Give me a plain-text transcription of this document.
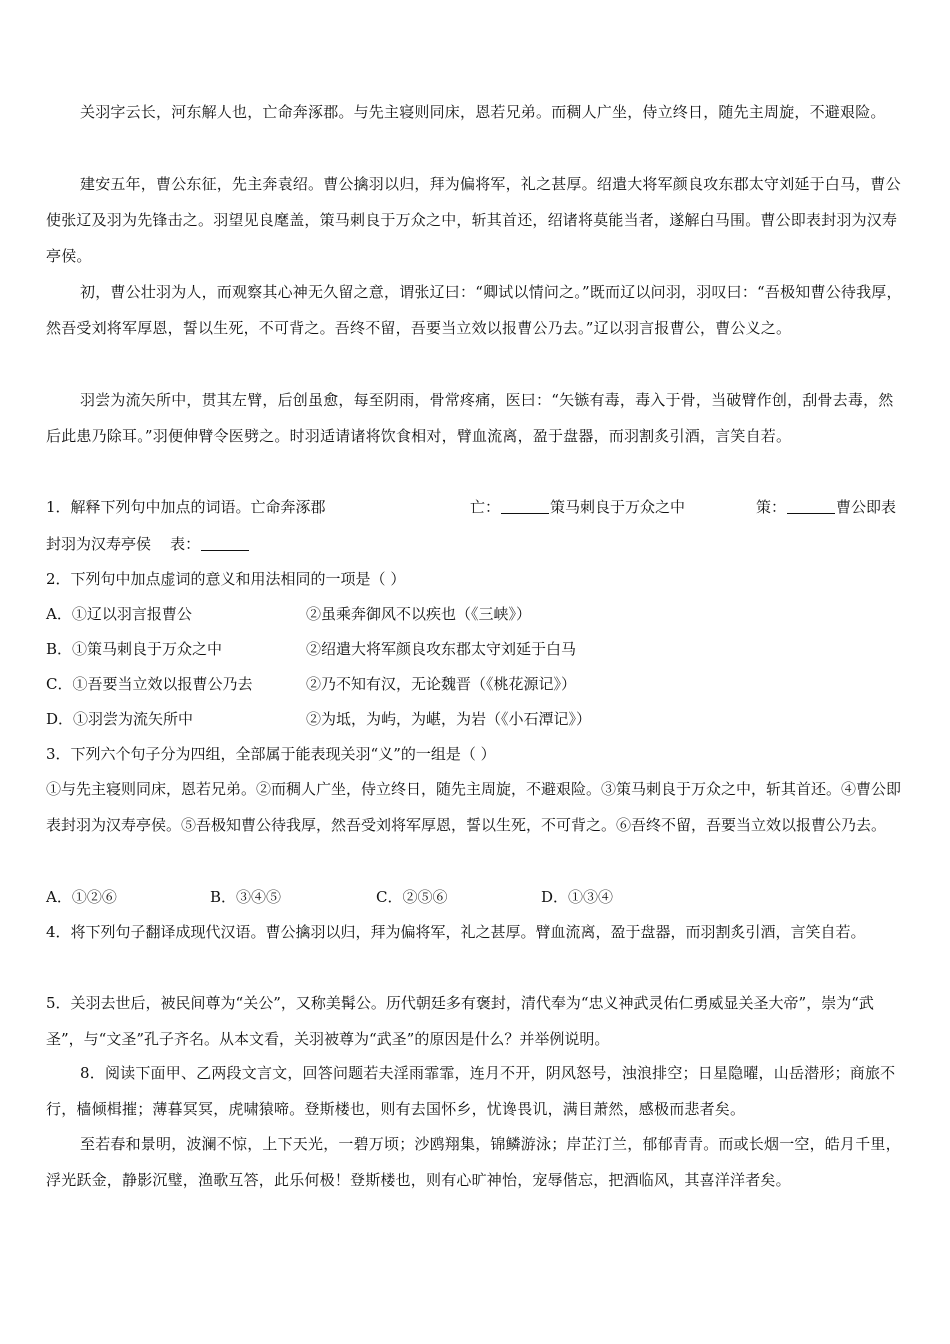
关羽字云长，河东解人也，亡命奔涿郡。与先主寝则同床，恩若兄弟。而稠人广坐，侍立终日，随先主周旋，不避艰险。

建安五年，曹公东征，先主奔袁绍。曹公擒羽以归，拜为偏将军，礼之甚厚。绍遣大将军颜良攻东郡太守刘延于白马，曹公使张辽及羽为先锋击之。羽望见良麾盖，策马刺良于万众之中，斩其首还，绍诸将莫能当者，遂解白马围。曹公即表封羽为汉寿亭侯。

初，曹公壮羽为人，而观察其心神无久留之意，谓张辽曰：“卿试以情问之。”既而辽以问羽，羽叹曰：“吾极知曹公待我厚，然吾受刘将军厚恩，誓以生死，不可背之。吾终不留，吾要当立效以报曹公乃去。”辽以羽言报曹公，曹公义之。

羽尝为流矢所中，贯其左臂，后创虽愈，每至阴雨，骨常疼痛，医曰：“矢镞有毒，毒入于骨，当破臂作创，刮骨去毒，然后此患乃除耳。”羽便伸臂令医劈之。时羽适请诸将饮食相对，臂血流离，盈于盘器，而羽割炙引酒，言笑自若。

1．解释下列句中加点的词语。亡命奔涿郡	亡：	策马刺良于万众之中	策：	曹公即表
封羽为汉寿亭侯 表：
2．下列句中加点虚词的意义和用法相同的一项是（ ）
A．①辽以羽言报曹公	②虽乘奔御风不以疾也（《三峡》）
B．①策马刺良于万众之中	②绍遣大将军颜良攻东郡太守刘延于白马
C．①吾要当立效以报曹公乃去	②乃不知有汉，无论魏晋（《桃花源记》）
D．①羽尝为流矢所中	②为坻，为屿，为嵁，为岩（《小石潭记》）
3．下列六个句子分为四组，全部属于能表现关羽“义”的一组是（ ）

①与先主寝则同床，恩若兄弟。②而稠人广坐，侍立终日，随先主周旋，不避艰险。③策马刺良于万众之中，斩其首还。④曹公即表封羽为汉寿亭侯。⑤吾极知曹公待我厚，然吾受刘将军厚恩，誓以生死，不可背之。⑥吾终不留，吾要当立效以报曹公乃去。

A．①②⑥	B．③④⑤	C．②⑤⑥	D．①③④

4．将下列句子翻译成现代汉语。曹公擒羽以归，拜为偏将军，礼之甚厚。臂血流离，盈于盘器，而羽割炙引酒，言笑自若。

5．关羽去世后，被民间尊为“关公”，又称美髯公。历代朝廷多有褒封，清代奉为“忠义神武灵佑仁勇威显关圣大帝”，崇为“武圣”，与“文圣”孔子齐名。从本文看，关羽被尊为“武圣”的原因是什么？并举例说明。

8．阅读下面甲、乙两段文言文，回答问题若夫淫雨霏霏，连月不开，阴风怒号，浊浪排空；日星隐曜，山岳潜形；商旅不行，樯倾楫摧；薄暮冥冥，虎啸猿啼。登斯楼也，则有去国怀乡，忧谗畏讥，满目萧然，感极而悲者矣。

至若春和景明，波澜不惊，上下天光，一碧万顷；沙鸥翔集，锦鳞游泳；岸芷汀兰，郁郁青青。而或长烟一空，皓月千里，浮光跃金，静影沉璧，渔歌互答，此乐何极！登斯楼也，则有心旷神怡，宠辱偕忘，把酒临风，其喜洋洋者矣。
